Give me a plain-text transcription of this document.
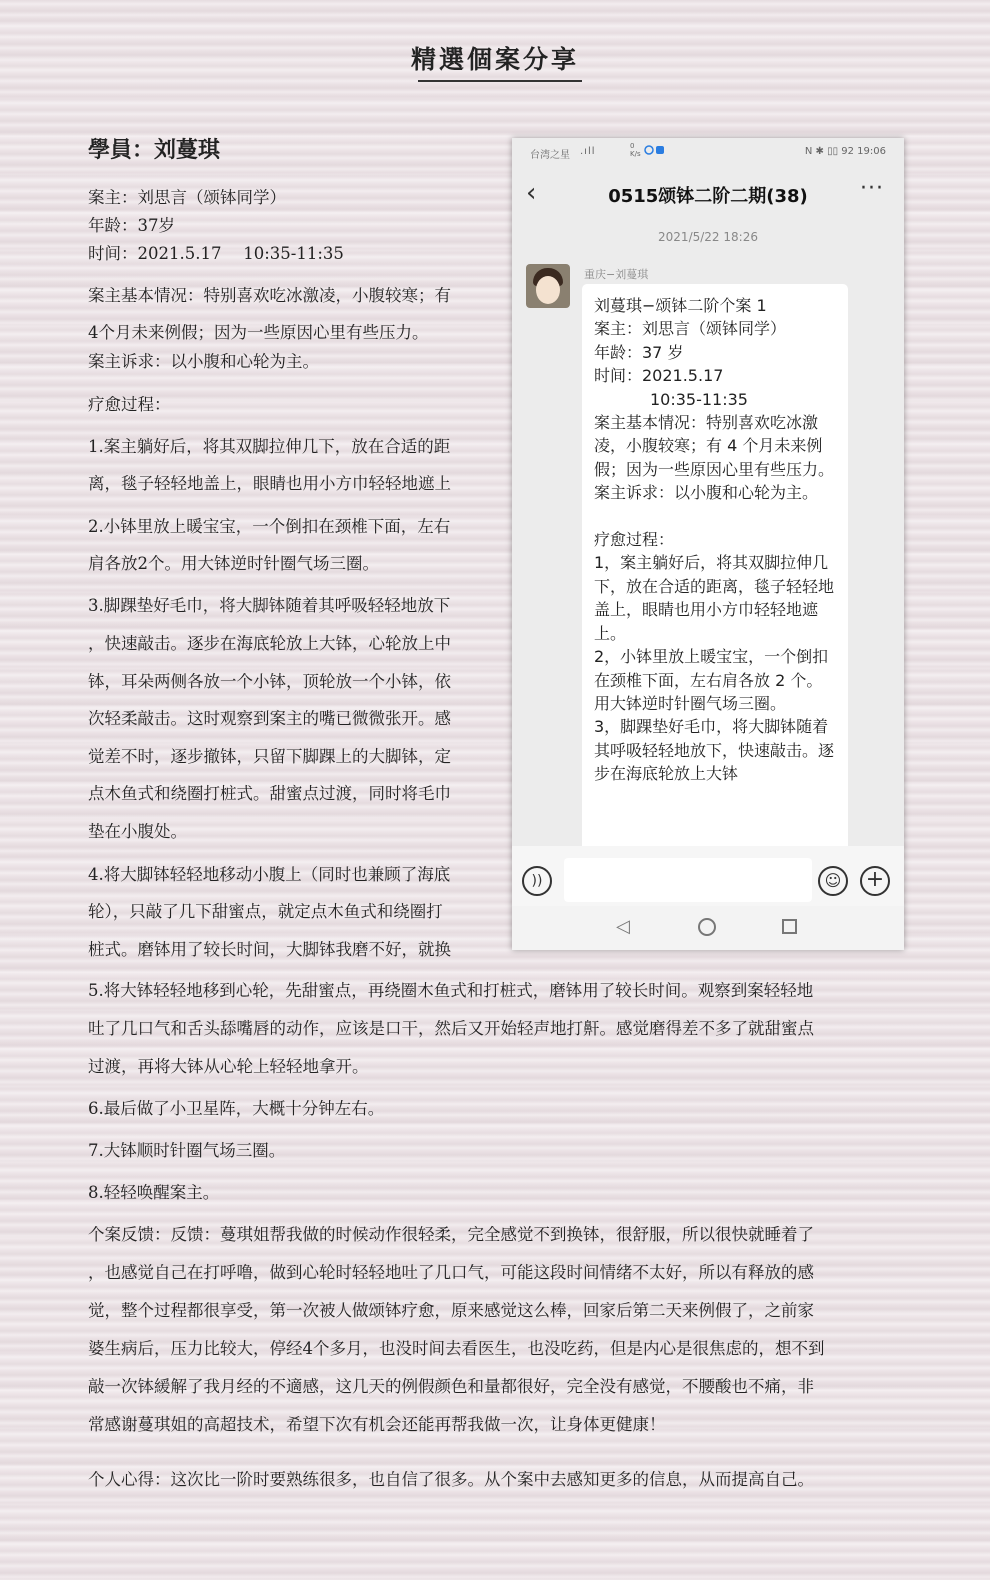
精選個案分享
學員：刘蔓琪

案主：刘思言（颂钵同学）

年龄：37岁

时间：2021.5.17　 10:35-11:35

案主基本情况：特别喜欢吃冰激凌，小腹较寒；有

4个月未来例假；因为一些原因心里有些压力。

案主诉求：以小腹和心轮为主。

疗愈过程：

1.案主躺好后，将其双脚拉伸几下，放在合适的距

离，毯子轻轻地盖上，眼睛也用小方巾轻轻地遮上

2.小钵里放上暖宝宝，一个倒扣在颈椎下面，左右

肩各放2个。用大钵逆时针圈气场三圈。

3.脚踝垫好毛巾，将大脚钵随着其呼吸轻轻地放下

，快速敲击。逐步在海底轮放上大钵，心轮放上中

钵，耳朵两侧各放一个小钵，顶轮放一个小钵，依

次轻柔敲击。这时观察到案主的嘴已微微张开。感

觉差不时，逐步撤钵，只留下脚踝上的大脚钵，定

点木鱼式和绕圈打桩式。甜蜜点过渡，同时将毛巾

垫在小腹处。

4.将大脚钵轻轻地移动小腹上（同时也兼顾了海底

轮），只敲了几下甜蜜点，就定点木鱼式和绕圈打

桩式。磨钵用了较长时间，大脚钵我磨不好，就换

5.将大钵轻轻地移到心轮，先甜蜜点，再绕圈木鱼式和打桩式，磨钵用了较长时间。观察到案轻轻地

吐了几口气和舌头舔嘴唇的动作，应该是口干，然后又开始轻声地打鼾。感觉磨得差不多了就甜蜜点

过渡，再将大钵从心轮上轻轻地拿开。

6.最后做了小卫星阵，大概十分钟左右。

7.大钵顺时针圈气场三圈。

8.轻轻唤醒案主。

个案反馈：反馈：蔓琪姐帮我做的时候动作很轻柔，完全感觉不到换钵，很舒服，所以很快就睡着了

，也感觉自己在打呼噜，做到心轮时轻轻地吐了几口气，可能这段时间情绪不太好，所以有释放的感

觉，整个过程都很享受，第一次被人做颂钵疗愈，原来感觉这么棒，回家后第二天来例假了，之前家

婆生病后，压力比较大，停经4个多月，也没时间去看医生，也没吃药，但是内心是很焦虑的，想不到

敲一次钵緩解了我月经的不適感，这几天的例假颜色和量都很好，完全没有感觉，不腰酸也不痛，非

常感谢蔓琪姐的高超技术，希望下次有机会还能再帮我做一次，让身体更健康！

个人心得：这次比一阶时要熟练很多，也自信了很多。从个案中去感知更多的信息，从而提高自己。

台湾之星 .ıll	0
K/s	N ✱ ▯▯ 92 19:06
‹	0515颂钵二阶二期(38)	···
2021/5/22 18:26
重庆−刘蔓琪
刘蔓琪−颂钵二阶个案 1
案主：刘思言（颂钵同学）
年龄：37 岁
时间：2021.5.17
10:35-11:35
案主基本情况：特别喜欢吃冰激凌，小腹较寒；有 4 个月未来例假；因为一些原因心里有些压力。
案主诉求：以小腹和心轮为主。

疗愈过程：
1，案主躺好后，将其双脚拉伸几下，放在合适的距离，毯子轻轻地盖上，眼睛也用小方巾轻轻地遮上。
2，小钵里放上暖宝宝，一个倒扣在颈椎下面，左右肩各放 2 个。用大钵逆时针圈气场三圈。
3，脚踝垫好毛巾，将大脚钵随着其呼吸轻轻地放下，快速敲击。逐步在海底轮放上大钵
))	☺	+
◁
